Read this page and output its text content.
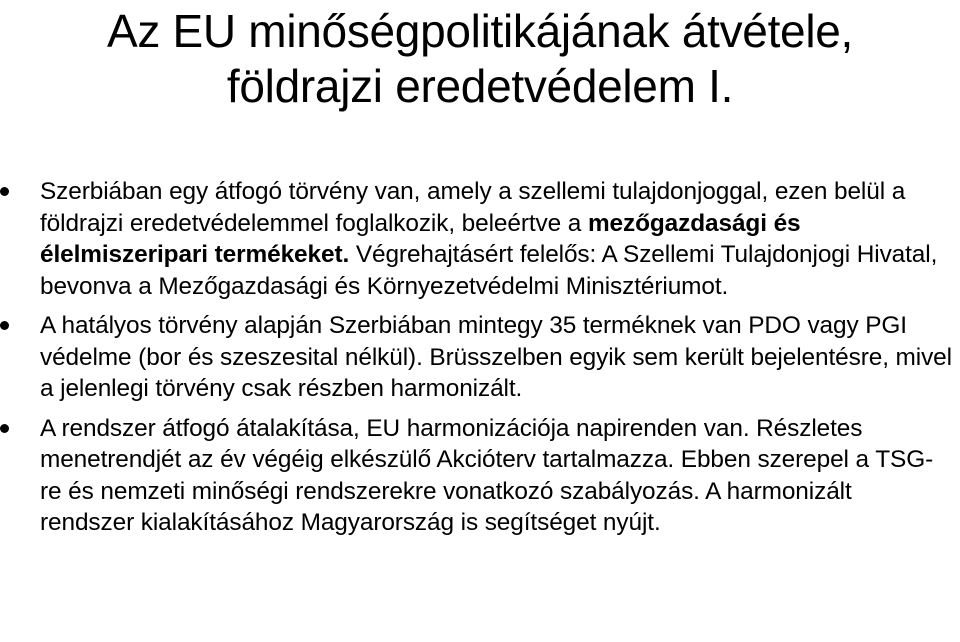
Az EU minőségpolitikájának átvétele,
földrajzi eredetvédelem I.
Szerbiában egy átfogó törvény van, amely a szellemi tulajdonjoggal, ezen belül a földrajzi eredetvédelemmel foglalkozik, beleértve a mezőgazdasági és élelmiszeripari termékeket. Végrehajtásért felelős: A Szellemi Tulajdonjogi Hivatal, bevonva a Mezőgazdasági és Környezetvédelmi Minisztériumot.
A hatályos törvény alapján Szerbiában mintegy 35 terméknek van PDO vagy PGI védelme (bor és szeszesital nélkül). Brüsszelben egyik sem került bejelentésre, mivel a jelenlegi törvény csak részben harmonizált.
A rendszer átfogó átalakítása, EU harmonizációja napirenden van. Részletes menetrendjét az év végéig elkészülő Akcióterv tartalmazza. Ebben szerepel a TSG-re és nemzeti minőségi rendszerekre vonatkozó szabályozás. A harmonizált rendszer kialakításához Magyarország is segítséget nyújt.
